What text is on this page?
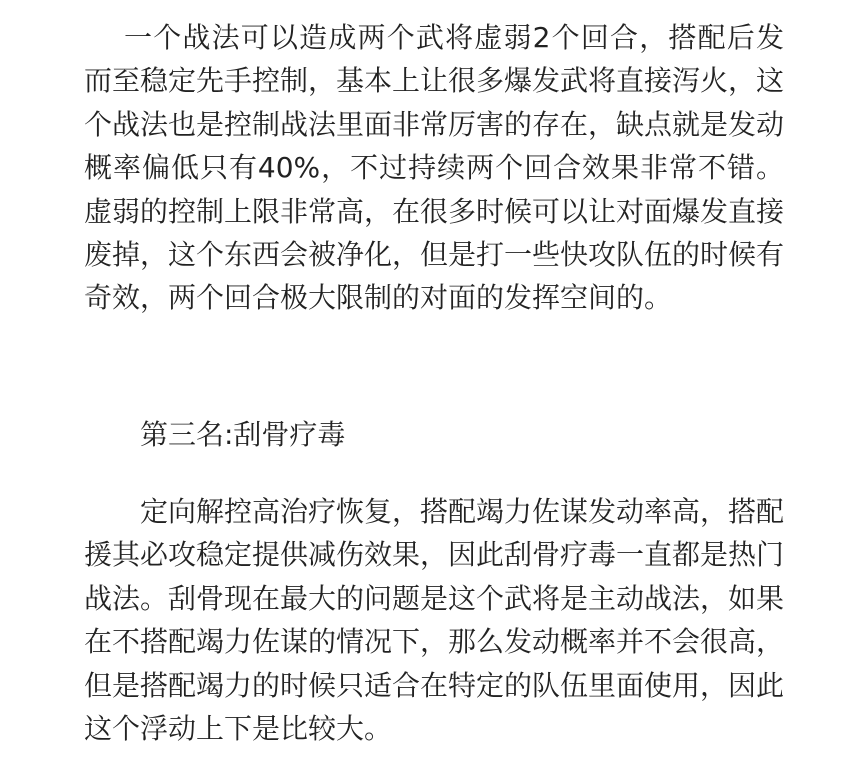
一个战法可以造成两个武将虚弱2个回合，搭配后发而至稳定先手控制，基本上让很多爆发武将直接泻火，这个战法也是控制战法里面非常厉害的存在，缺点就是发动概率偏低只有40%，不过持续两个回合效果非常不错。虚弱的控制上限非常高，在很多时候可以让对面爆发直接废掉，这个东西会被净化，但是打一些快攻队伍的时候有奇效，两个回合极大限制的对面的发挥空间的。

第三名:刮骨疗毒

定向解控高治疗恢复，搭配竭力佐谋发动率高，搭配援其必攻稳定提供减伤效果，因此刮骨疗毒一直都是热门战法。刮骨现在最大的问题是这个武将是主动战法，如果在不搭配竭力佐谋的情况下，那么发动概率并不会很高，但是搭配竭力的时候只适合在特定的队伍里面使用，因此这个浮动上下是比较大。
